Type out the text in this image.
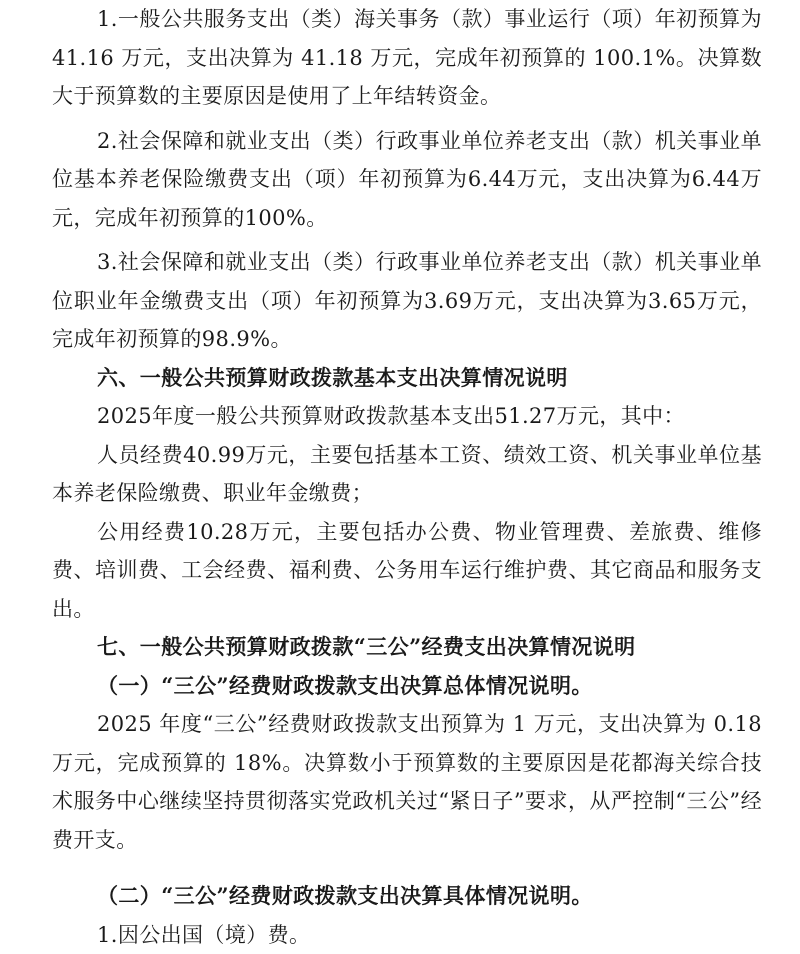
1.一般公共服务支出（类）海关事务（款）事业运行（项）年初预算为 41.16 万元，支出决算为 41.18 万元，完成年初预算的 100.1%。决算数大于预算数的主要原因是使用了上年结转资金。

2.社会保障和就业支出（类）行政事业单位养老支出（款）机关事业单位基本养老保险缴费支出（项）年初预算为6.44万元，支出决算为6.44万元，完成年初预算的100%。

3.社会保障和就业支出（类）行政事业单位养老支出（款）机关事业单位职业年金缴费支出（项）年初预算为3.69万元，支出决算为3.65万元，完成年初预算的98.9%。

六、一般公共预算财政拨款基本支出决算情况说明

2025年度一般公共预算财政拨款基本支出51.27万元，其中：

人员经费40.99万元，主要包括基本工资、绩效工资、机关事业单位基本养老保险缴费、职业年金缴费；

公用经费10.28万元，主要包括办公费、物业管理费、差旅费、维修费、培训费、工会经费、福利费、公务用车运行维护费、其它商品和服务支出。

七、一般公共预算财政拨款“三公”经费支出决算情况说明

（一）“三公”经费财政拨款支出决算总体情况说明。

2025 年度“三公”经费财政拨款支出预算为 1 万元，支出决算为 0.18 万元，完成预算的 18%。决算数小于预算数的主要原因是花都海关综合技术服务中心继续坚持贯彻落实党政机关过“紧日子”要求，从严控制“三公”经费开支。

（二）“三公”经费财政拨款支出决算具体情况说明。

1.因公出国（境）费。
